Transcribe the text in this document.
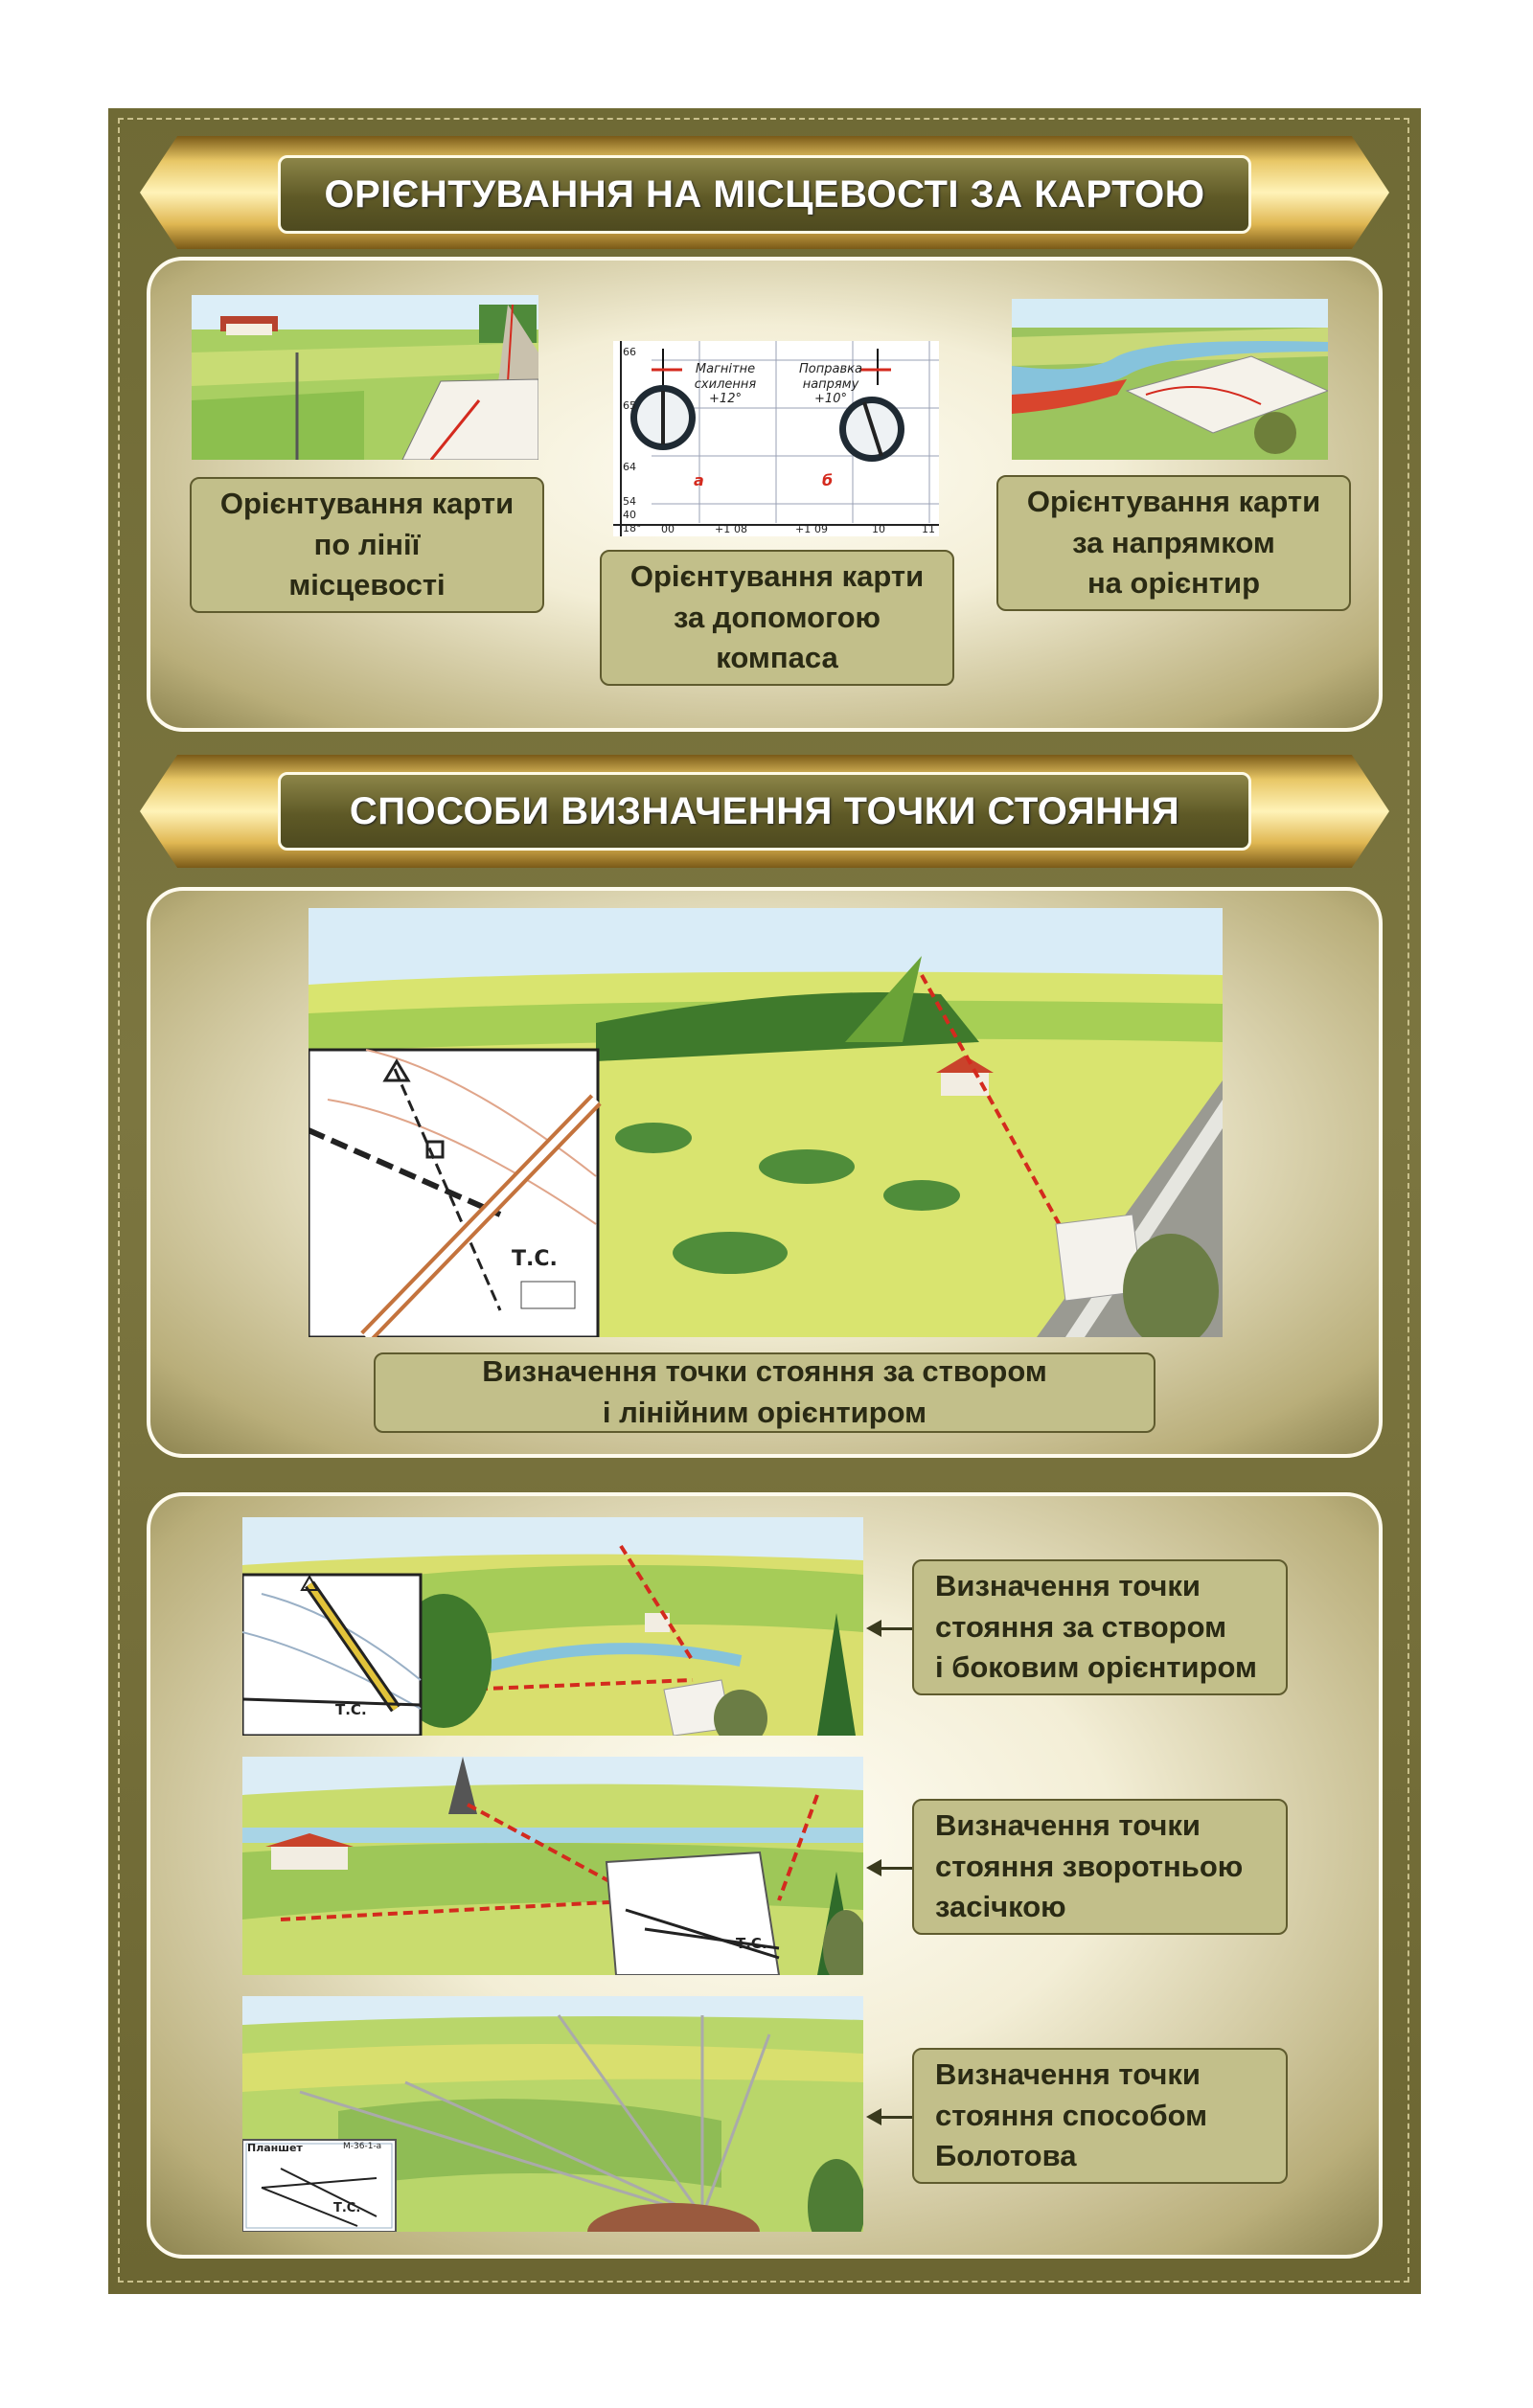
ОРІЄНТУВАННЯ НА МІСЦЕВОСТІ ЗА КАРТОЮ
Магнітне
схилення
+12°
Поправка
напряму
+10°
а	б
66
65
64
54
40
18° 00	+1 08	+1 09	10	11
Орієнтування карти
по лінії
місцевості	Орієнтування карти
за допомогою
компаса
Орієнтування карти
за напрямком
на орієнтир
СПОСОБИ ВИЗНАЧЕННЯ ТОЧКИ СТОЯННЯ
Т.С.
Визначення точки стояння за створом
і лінійним орієнтиром
Т.С.
Т.С.
Планшет	M-36-1-a
Т.С.
Визначення точки
стояння за створом
і боковим орієнтиром
Визначення точки
стояння зворотньою
засічкою
Визначення точки
стояння способом
Болотова
